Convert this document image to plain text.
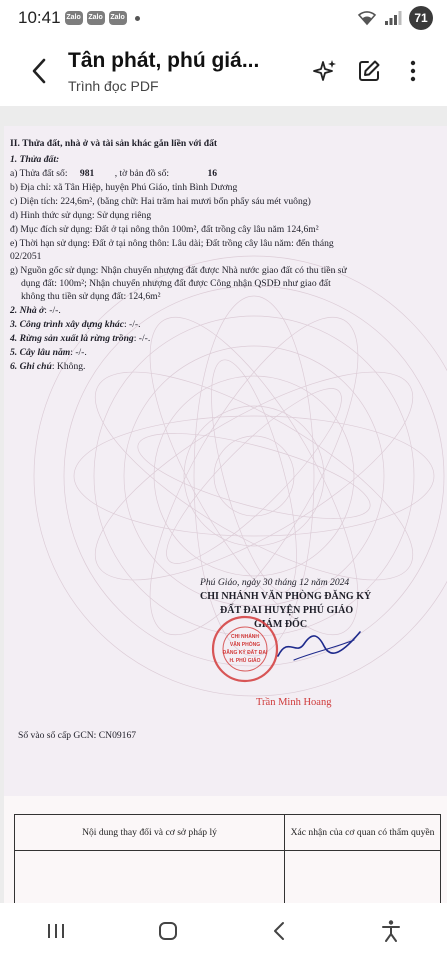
10:41 Zalo Zalo Zalo	71
Tân phát, phú giá...
Trình đọc PDF
II. Thửa đất, nhà ở và tài sản khác gắn liền với đất
1. Thửa đất:
a) Thửa đất số: 981 , tờ bản đồ số:	16
b) Địa chỉ: xã Tân Hiệp, huyện Phú Giáo, tỉnh Bình Dương
c) Diện tích: 224,6m², (bằng chữ: Hai trăm hai mươi bốn phẩy sáu mét vuông)
d) Hình thức sử dụng: Sử dụng riêng
đ) Mục đích sử dụng: Đất ở tại nông thôn 100m², đất trồng cây lâu năm 124,6m²
e) Thời hạn sử dụng: Đất ở tại nông thôn: Lâu dài; Đất trồng cây lâu năm: đến tháng
02/2051
g) Nguồn gốc sử dụng: Nhận chuyển nhượng đất được Nhà nước giao đất có thu tiền sử
dụng đất: 100m²; Nhận chuyển nhượng đất được Công nhận QSDĐ như giao đất
không thu tiền sử dụng đất: 124,6m²
2. Nhà ở: -/-.
3. Công trình xây dựng khác: -/-.
4. Rừng sản xuất là rừng trồng: -/-.
5. Cây lâu năm: -/-.
6. Ghi chú: Không.
Phú Giáo, ngày 30 tháng 12 năm 2024
CHI NHÁNH VĂN PHÒNG ĐĂNG KÝ
ĐẤT ĐAI HUYỆN PHÚ GIÁO
GIÁM ĐỐC
CHI NHÁNH
VĂN PHÒNG
ĐĂNG KÝ ĐẤT ĐAI
H. PHÚ GIÁO
Trần Minh Hoang
Số vào sổ cấp GCN: CN09167
Nội dung thay đổi và cơ sở pháp lý	Xác nhận của cơ quan có thẩm quyền
